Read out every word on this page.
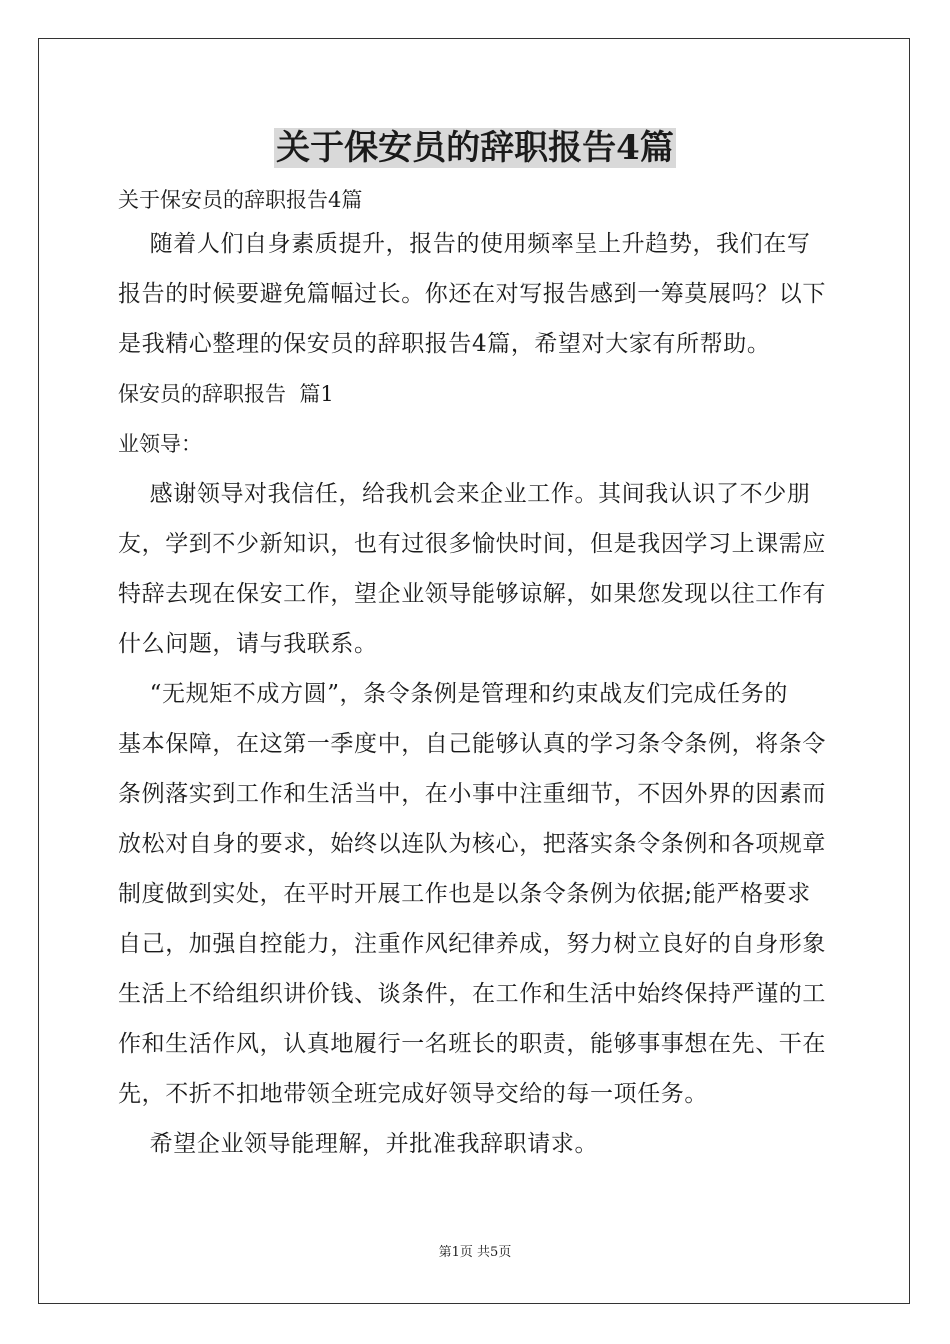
关于保安员的辞职报告4篇

关于保安员的辞职报告4篇

随着人们自身素质提升，报告的使用频率呈上升趋势，我们在写

报告的时候要避免篇幅过长。你还在对写报告感到一筹莫展吗？以下

是我精心整理的保安员的辞职报告4篇，希望对大家有所帮助。

保安员的辞职报告  篇1

业领导：

感谢领导对我信任，给我机会来企业工作。其间我认识了不少朋

友，学到不少新知识，也有过很多愉快时间，但是我因学习上课需应

特辞去现在保安工作，望企业领导能够谅解，如果您发现以往工作有

什么问题，请与我联系。

“无规矩不成方圆”，条令条例是管理和约束战友们完成任务的

基本保障，在这第一季度中，自己能够认真的学习条令条例，将条令

条例落实到工作和生活当中，在小事中注重细节，不因外界的因素而

放松对自身的要求，始终以连队为核心，把落实条令条例和各项规章

制度做到实处，在平时开展工作也是以条令条例为依据;能严格要求

自己，加强自控能力，注重作风纪律养成，努力树立良好的自身形象

生活上不给组织讲价钱、谈条件，在工作和生活中始终保持严谨的工

作和生活作风，认真地履行一名班长的职责，能够事事想在先、干在

先，不折不扣地带领全班完成好领导交给的每一项任务。

希望企业领导能理解，并批准我辞职请求。

第1页 共5页
